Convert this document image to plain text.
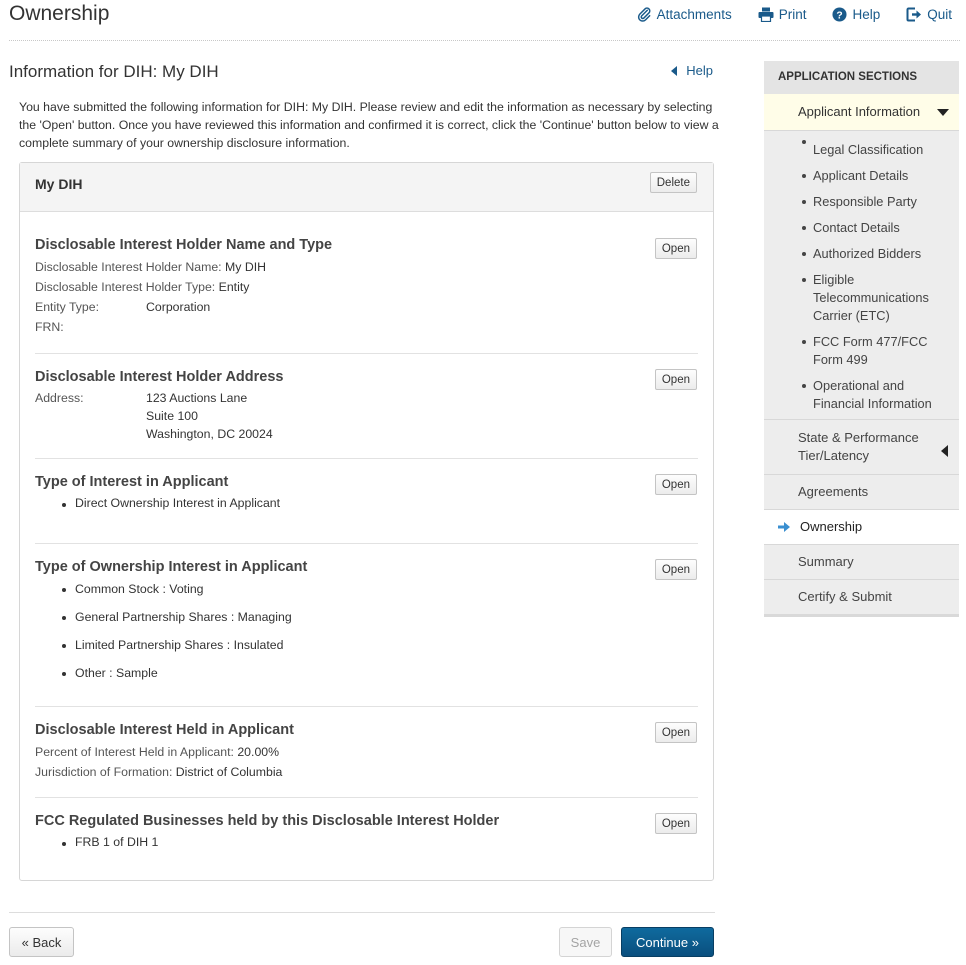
Ownership	Attachments	Print	? Help	Quit
Information for DIH: My DIH	Help
You have submitted the following information for DIH: My DIH. Please review and edit the information as necessary by selecting the 'Open' button. Once you have reviewed this information and confirmed it is correct, click the 'Continue' button below to view a complete summary of your ownership disclosure information.
My DIH	Delete
Disclosable Interest Holder Name and Type
Disclosable Interest Holder Name: My DIH
Disclosable Interest Holder Type: Entity
Entity Type:	Corporation
FRN:
Open
Disclosable Interest Holder Address
Address:	123 Auctions Lane
Suite 100
Washington, DC 20024
Open
Type of Interest in Applicant
Direct Ownership Interest in Applicant
Open
Type of Ownership Interest in Applicant
Common Stock : Voting
General Partnership Shares : Managing
Limited Partnership Shares : Insulated
Other : Sample
Open
Disclosable Interest Held in Applicant
Percent of Interest Held in Applicant: 20.00%
Jurisdiction of Formation: District of Columbia
Open
FCC Regulated Businesses held by this Disclosable Interest Holder
FRB 1 of DIH 1
Open
« Back	Save	Continue »
APPLICATION SECTIONS
Applicant Information
Legal Classification
Applicant Details
Responsible Party
Contact Details
Authorized Bidders
Eligible Telecommunications Carrier (ETC)
FCC Form 477/FCC Form 499
Operational and Financial Information
State & Performance Tier/Latency
Agreements
Ownership
Summary
Certify & Submit
